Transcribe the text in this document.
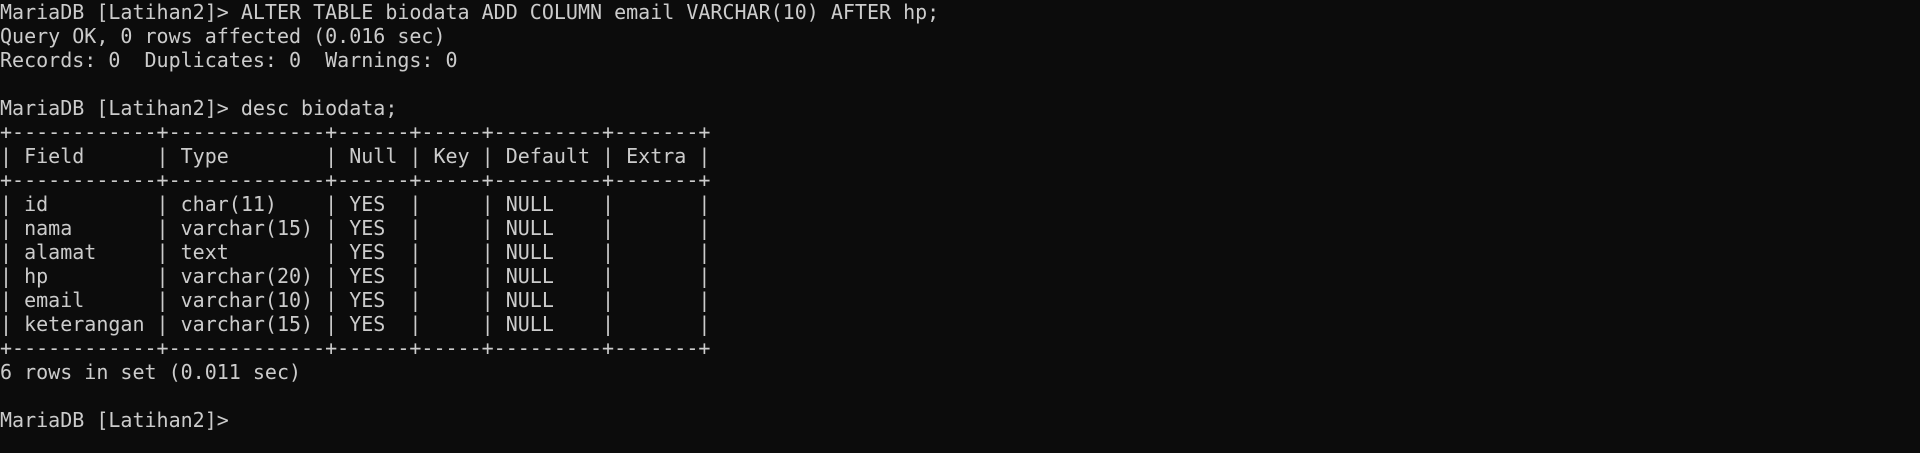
MariaDB [Latihan2]> ALTER TABLE biodata ADD COLUMN email VARCHAR(10) AFTER hp;
Query OK, 0 rows affected (0.016 sec)
Records: 0  Duplicates: 0  Warnings: 0
MariaDB [Latihan2]> desc biodata;
+------------+-------------+------+-----+---------+-------+
| Field      | Type        | Null | Key | Default | Extra |
+------------+-------------+------+-----+---------+-------+
| id         | char(11)    | YES  |     | NULL    |       |
| nama       | varchar(15) | YES  |     | NULL    |       |
| alamat     | text        | YES  |     | NULL    |       |
| hp         | varchar(20) | YES  |     | NULL    |       |
| email      | varchar(10) | YES  |     | NULL    |       |
| keterangan | varchar(15) | YES  |     | NULL    |       |
+------------+-------------+------+-----+---------+-------+
6 rows in set (0.011 sec)
MariaDB [Latihan2]>
